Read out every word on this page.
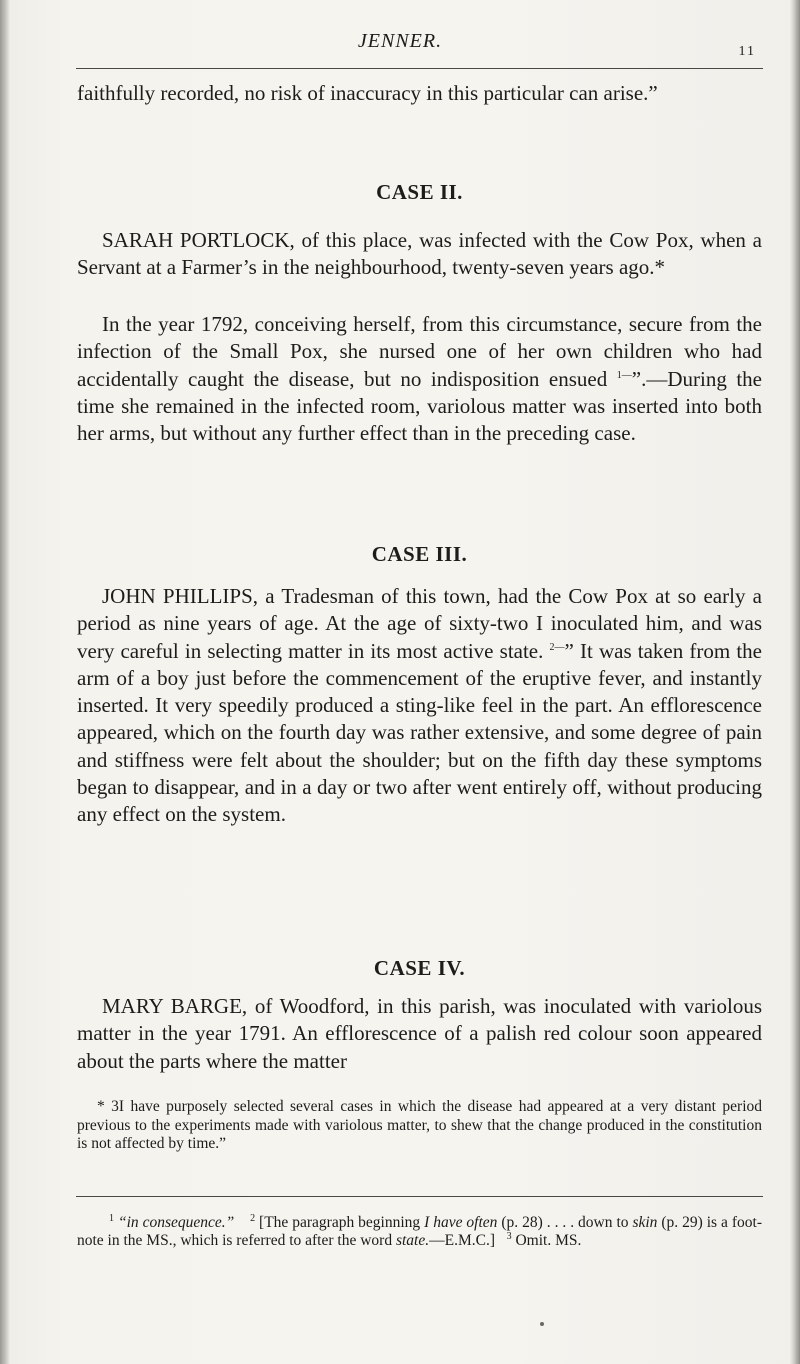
JENNER.	11

faithfully recorded, no risk of inaccuracy in this particular can arise.”

CASE II.

SARAH PORTLOCK, of this place, was infected with the Cow Pox, when a Servant at a Farmer’s in the neighbourhood, twenty-seven years ago.*

In the year 1792, conceiving herself, from this circumstance, secure from the infection of the Small Pox, she nursed one of her own children who had accidentally caught the disease, but no indisposition ensued $^{1—}$”.—During the time she remained in the infected room, variolous matter was inserted into both her arms, but without any further effect than in the preceding case.

CASE III.

JOHN PHILLIPS, a Tradesman of this town, had the Cow Pox at so early a period as nine years of age. At the age of sixty-two I inoculated him, and was very careful in selecting matter in its most active state. $^{2—}$” It was taken from the arm of a boy just before the commencement of the eruptive fever, and instantly inserted. It very speedily produced a sting-like feel in the part. An efflorescence appeared, which on the fourth day was rather extensive, and some degree of pain and stiffness were felt about the shoulder; but on the fifth day these symptoms began to disappear, and in a day or two after went entirely off, without producing any effect on the system.

CASE IV.

MARY BARGE, of Woodford, in this parish, was inoculated with variolous matter in the year 1791. An efflorescence of a palish red colour soon appeared about the parts where the matter

* 3I have purposely selected several cases in which the disease had appeared at a very distant period previous to the experiments made with variolous matter, to shew that the change produced in the constitution is not affected by time.”

$^1$ “in consequence.” $^2$ [The paragraph beginning I have often (p. 28) . . . . down to skin (p. 29) is a foot-note in the MS., which is referred to after the word state.—E.M.C.] $^3$ Omit. MS.
